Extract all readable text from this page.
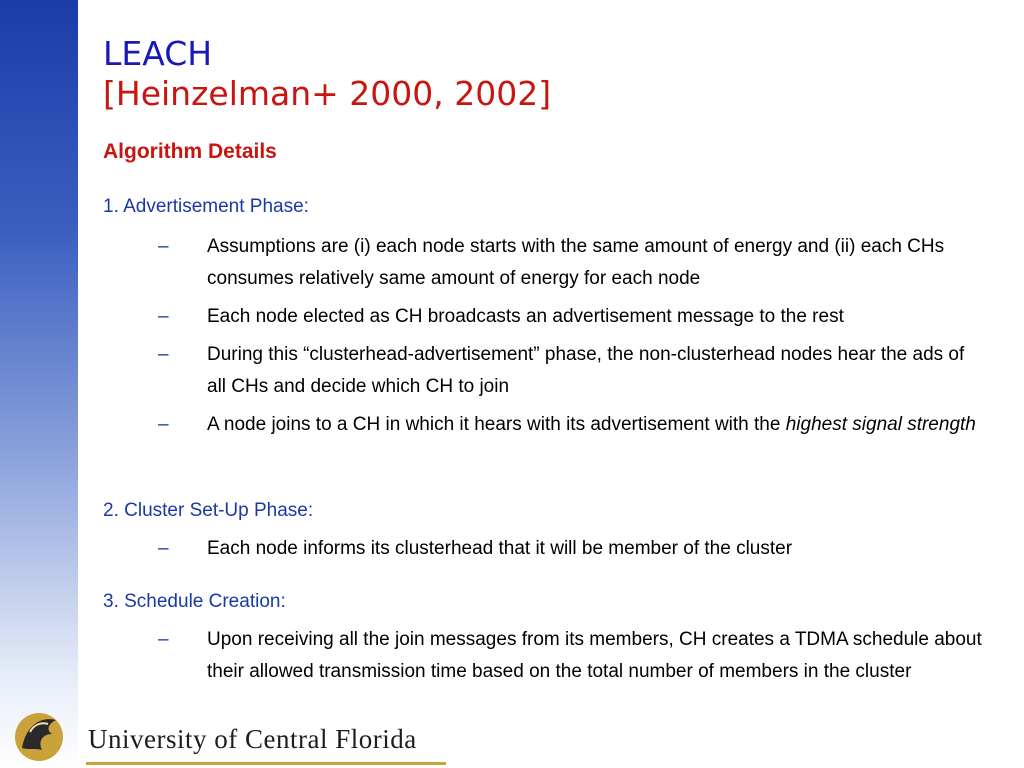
LEACH
[Heinzelman+ 2000, 2002]
Algorithm Details

1. Advertisement Phase:

– Assumptions are (i) each node starts with the same amount of energy and (ii) each CHs consumes relatively same amount of energy for each node
– Each node elected as CH broadcasts an advertisement message to the rest
– During this “clusterhead-advertisement” phase, the non-clusterhead nodes hear the ads of all CHs and decide which CH to join
– A node joins to a CH in which it hears with its advertisement with the highest signal strength

2. Cluster Set-Up Phase:

– Each node informs its clusterhead that it will be member of the cluster

3. Schedule Creation:

– Upon receiving all the join messages from its members, CH creates a TDMA schedule about their allowed transmission time based on the total number of members in the cluster
University of Central Florida
